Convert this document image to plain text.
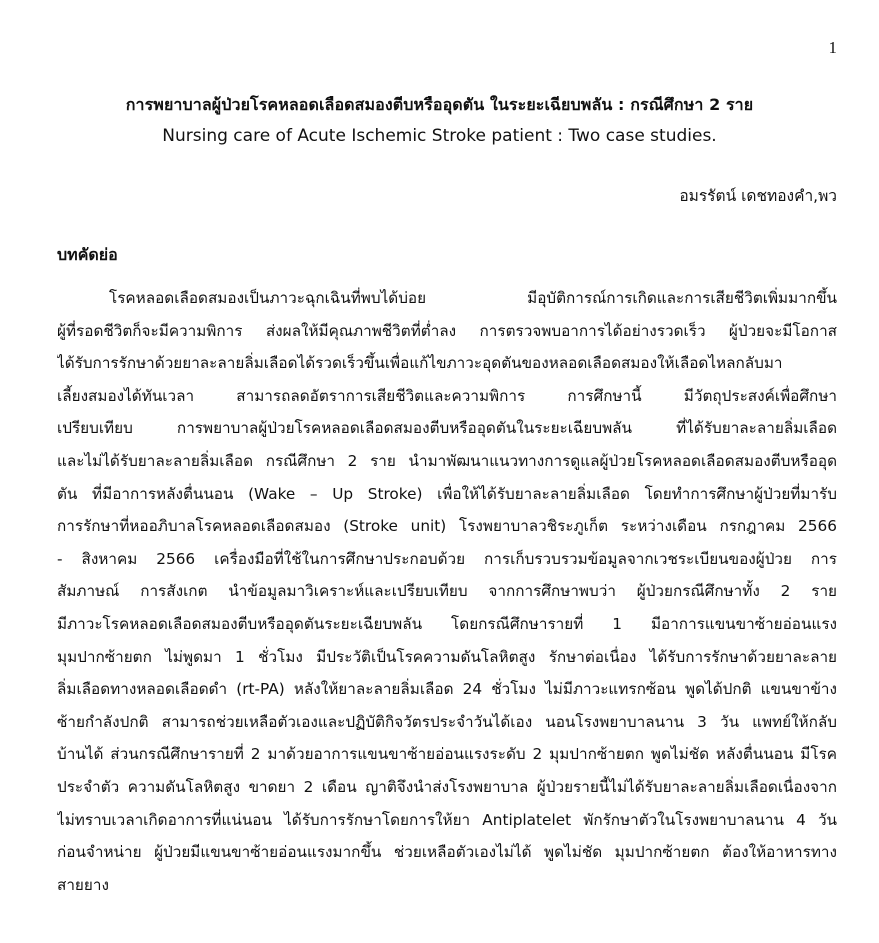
1
การพยาบาลผู้ป่วยโรคหลอดเลือดสมองตีบหรืออุดตัน ในระยะเฉียบพลัน : กรณีศึกษา 2 ราย
Nursing care of Acute Ischemic Stroke patient : Two case studies.
อมรรัตน์ เดชทองคำ,พว
บทคัดย่อ
โรคหลอดเลือดสมองเป็นภาวะฉุกเฉินที่พบได้บ่อย มีอุบัติการณ์การเกิดและการเสียชีวิตเพิ่มมากขึ้น
ผู้ที่รอดชีวิตก็จะมีความพิการ ส่งผลให้มีคุณภาพชีวิตที่ต่ำลง การตรวจพบอาการได้อย่างรวดเร็ว ผู้ป่วยจะมีโอกาส
ได้รับการรักษาด้วยยาละลายลิ่มเลือดได้รวดเร็วขึ้นเพื่อแก้ไขภาวะอุดตันของหลอดเลือดสมองให้เลือดไหลกลับมา
เลี้ยงสมองได้ทันเวลา สามารถลดอัตราการเสียชีวิตและความพิการ การศึกษานี้ มีวัตถุประสงค์เพื่อศึกษา
เปรียบเทียบ การพยาบาลผู้ป่วยโรคหลอดเลือดสมองตีบหรืออุดตันในระยะเฉียบพลัน ที่ได้รับยาละลายลิ่มเลือด
และไม่ได้รับยาละลายลิ่มเลือด กรณีศึกษา 2 ราย นำมาพัฒนาแนวทางการดูแลผู้ป่วยโรคหลอดเลือดสมองตีบหรืออุด
ตัน ที่มีอาการหลังตื่นนอน (Wake – Up Stroke) เพื่อให้ได้รับยาละลายลิ่มเลือด โดยทำการศึกษาผู้ป่วยที่มารับ
การรักษาที่หออภิบาลโรคหลอดเลือดสมอง (Stroke unit) โรงพยาบาลวชิระภูเก็ต ระหว่างเดือน กรกฎาคม 2566
- สิงหาคม 2566 เครื่องมือที่ใช้ในการศึกษาประกอบด้วย การเก็บรวบรวมข้อมูลจากเวชระเบียนของผู้ป่วย การ
สัมภาษณ์ การสังเกต นำข้อมูลมาวิเคราะห์และเปรียบเทียบ จากการศึกษาพบว่า ผู้ป่วยกรณีศึกษาทั้ง 2 ราย
มีภาวะโรคหลอดเลือดสมองตีบหรืออุดตันระยะเฉียบพลัน โดยกรณีศึกษารายที่ 1 มีอาการแขนขาซ้ายอ่อนแรง
มุมปากซ้ายตก ไม่พูดมา 1 ชั่วโมง มีประวัติเป็นโรคความดันโลหิตสูง รักษาต่อเนื่อง ได้รับการรักษาด้วยยาละลาย
ลิ่มเลือดทางหลอดเลือดดำ (rt-PA) หลังให้ยาละลายลิ่มเลือด 24 ชั่วโมง ไม่มีภาวะแทรกซ้อน พูดได้ปกติ แขนขาข้าง
ซ้ายกำลังปกติ สามารถช่วยเหลือตัวเองและปฏิบัติกิจวัตรประจำวันได้เอง นอนโรงพยาบาลนาน 3 วัน แพทย์ให้กลับ
บ้านได้ ส่วนกรณีศึกษารายที่ 2 มาด้วยอาการแขนขาซ้ายอ่อนแรงระดับ 2 มุมปากซ้ายตก พูดไม่ชัด หลังตื่นนอน มีโรค
ประจำตัว ความดันโลหิตสูง ขาดยา 2 เดือน ญาติจึงนำส่งโรงพยาบาล ผู้ป่วยรายนี้ไม่ได้รับยาละลายลิ่มเลือดเนื่องจาก
ไม่ทราบเวลาเกิดอาการที่แน่นอน ได้รับการรักษาโดยการให้ยา Antiplatelet พักรักษาตัวในโรงพยาบาลนาน 4 วัน
ก่อนจำหน่าย ผู้ป่วยมีแขนขาซ้ายอ่อนแรงมากขึ้น ช่วยเหลือตัวเองไม่ได้ พูดไม่ชัด มุมปากซ้ายตก ต้องให้อาหารทาง
สายยาง
